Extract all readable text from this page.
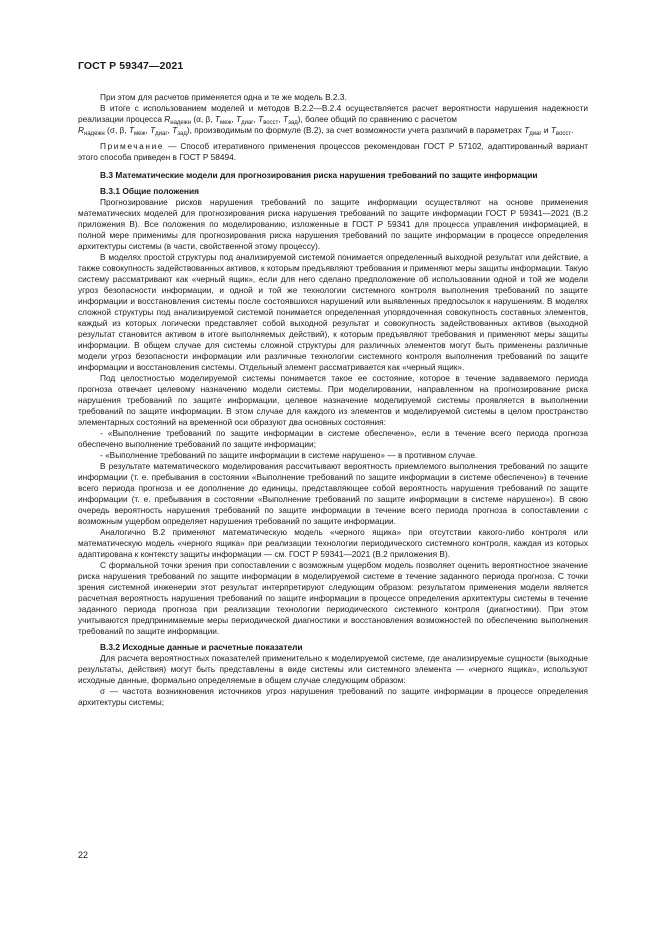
ГОСТ Р 59347—2021

При этом для расчетов применяется одна и те же модель В.2.3.

В итоге с использованием моделей и методов В.2.2—В.2.4 осуществляется расчет вероятности нарушения надежности реализации процесса $R_{надежн}$ (α, β, $T_{меж}$, $T_{диаг}$, $T_{восст}$, $T_{зад}$), более общий по сравнению с расчетом
$R_{надежн}$ (σ, β, $T_{меж}$, $T_{диаг}$, $T_{зад}$), производимым по формуле (В.2), за счет возможности учета различий в параметрах $T_{диаг}$ и $T_{восст}$.

Примечание — Способ итеративного применения процессов рекомендован ГОСТ Р 57102, адаптированный вариант этого способа приведен в ГОСТ Р 58494.

В.3 Математические модели для прогнозирования риска нарушения требований по защите информации
В.3.1 Общие положения

Прогнозирование рисков нарушения требований по защите информации осуществляют на основе применения математических моделей для прогнозирования риска нарушения требований по защите информации ГОСТ Р 59341—2021 (В.2 приложения В). Все положения по моделированию, изложенные в ГОСТ Р 59341 для процесса управления информацией, в полной мере применимы для прогнозирования риска нарушения требований по защите информации в процессе определения архитектуры системы (в части, свойственной этому процессу).

В моделях простой структуры под анализируемой системой понимается определенный выходной результат или действие, а также совокупность задействованных активов, к которым предъявляют требования и применяют меры защиты информации. Такую систему рассматривают как «черный ящик», если для него сделано предположение об использовании одной и той же модели угроз безопасности информации, и одной и той же технологии системного контроля выполнения требований по защите информации и восстановления системы после состоявшихся нарушений или выявленных предпосылок к нарушениям. В моделях сложной структуры под анализируемой системой понимается определенная упорядоченная совокупность составных элементов, каждый из которых логически представляет собой выходной результат и совокупность задействованных активов (выходной результат становится активом в итоге выполняемых действий), к которым предъявляют требования и применяют меры защиты информации. В общем случае для системы сложной структуры для различных элементов могут быть применены различные модели угроз безопасности информации или различные технологии системного контроля выполнения требований по защите информации и восстановления системы. Отдельный элемент рассматривается как «черный ящик».

Под целостностью моделируемой системы понимается такое ее состояние, которое в течение задаваемого периода прогноза отвечает целевому назначению модели системы. При моделировании, направленном на прогнозирование риска нарушения требований по защите информации, целевое назначение моделируемой системы проявляется в выполнении требований по защите информации. В этом случае для каждого из элементов и моделируемой системы в целом пространство элементарных состояний на временной оси образуют два основных состояния:

- «Выполнение требований по защите информации в системе обеспечено», если в течение всего периода прогноза обеспечено выполнение требований по защите информации;

- «Выполнение требований по защите информации в системе нарушено» — в противном случае.

В результате математического моделирования рассчитывают вероятность приемлемого выполнения требований по защите информации (т. е. пребывания в состоянии «Выполнение требований по защите информации в системе обеспечено») в течение всего периода прогноза и ее дополнение до единицы, представляющее собой вероятность нарушения требований по защите информации (т. е. пребывания в состоянии «Выполнение требований по защите информации в системе нарушено»). В свою очередь вероятность нарушения требований по защите информации в течение всего периода прогноза в сопоставлении с возможным ущербом определяет нарушения требований по защите информации.

Аналогично В.2 применяют математическую модель «черного ящика» при отсутствии какого-либо контроля или математическую модель «черного ящика» при реализации технологии периодического системного контроля, каждая из которых адаптирована к контексту защиты информации — см. ГОСТ Р 59341—2021 (В.2 приложения В).

С формальной точки зрения при сопоставлении с возможным ущербом модель позволяет оценить вероятностное значение риска нарушения требований по защите информации в моделируемой системе в течение заданного периода прогноза. С точки зрения системной инженерии этот результат интерпретируют следующим образом: результатом применения модели является расчетная вероятность нарушения требований по защите информации в процессе определения архитектуры системы в течение заданного периода прогноза при реализации технологии периодического системного контроля (диагностики). При этом учитываются предпринимаемые меры периодической диагностики и восстановления возможностей по обеспечению выполнения требований по защите информации.

В.3.2 Исходные данные и расчетные показатели

Для расчета вероятностных показателей применительно к моделируемой системе, где анализируемые сущности (выходные результаты, действия) могут быть представлены в виде системы или системного элемента — «черного ящика», используют исходные данные, формально определяемые в общем случае следующим образом:

σ — частота возникновения источников угроз нарушения требований по защите информации в процессе определения архитектуры системы;

22
